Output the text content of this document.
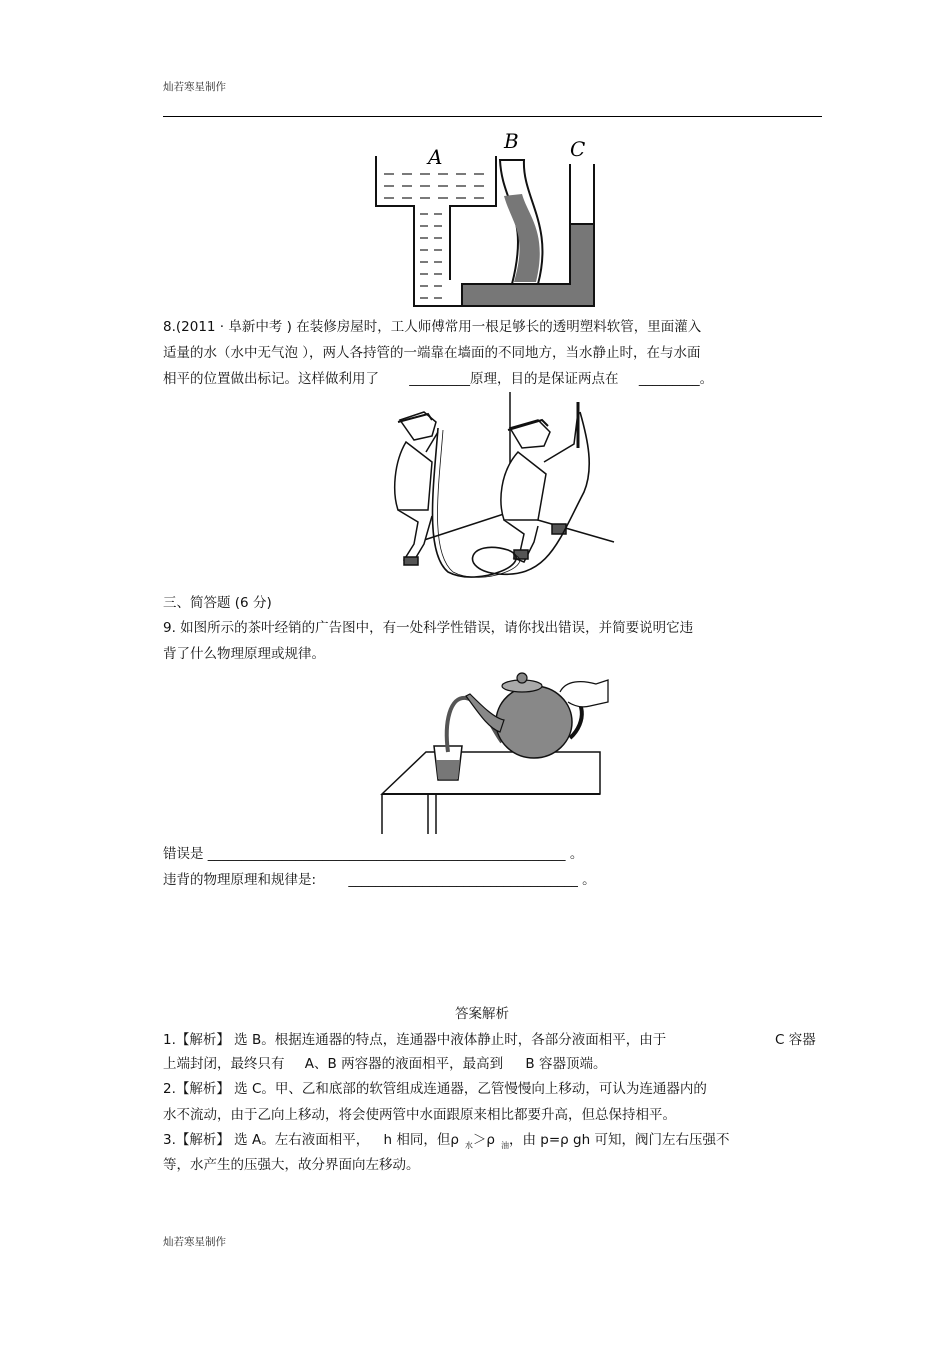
灿若寒星制作
A
B	C
8.(2011 · 阜新中考 ) 在装修房屋时，工人师傅常用一根足够长的透明塑料软管，里面灌入
适量的水（水中无气泡 ），两人各持管的一端靠在墙面的不同地方，当水静止时，在与水面
相平的位置做出标记。这样做利用了 _________原理，目的是保证两点在 _________。
三、简答题 (6 分)
9. 如图所示的茶叶经销的广告图中，有一处科学性错误，请你找出错误，并简要说明它违
背了什么物理原理或规律。
错误是 _____________________________________________________ 。
违背的物理原理和规律是: __________________________________ 。
答案解析
1.【解析】 选 B。根据连通器的特点，连通器中液体静止时，各部分液面相平，由于	C 容器
上端封闭，最终只有 A、B 两容器的液面相平，最高到 B 容器顶端。
2.【解析】 选 C。甲、乙和底部的软管组成连通器，乙管慢慢向上移动，可认为连通器内的
水不流动，由于乙向上移动，将会使两管中水面跟原来相比都要升高，但总保持相平。
3.【解析】 选 A。左右液面相平， h 相同，但ρ $_水$＞ρ $_油$，由 p=ρ gh 可知，阀门左右压强不
等，水产生的压强大，故分界面向左移动。
灿若寒星制作
